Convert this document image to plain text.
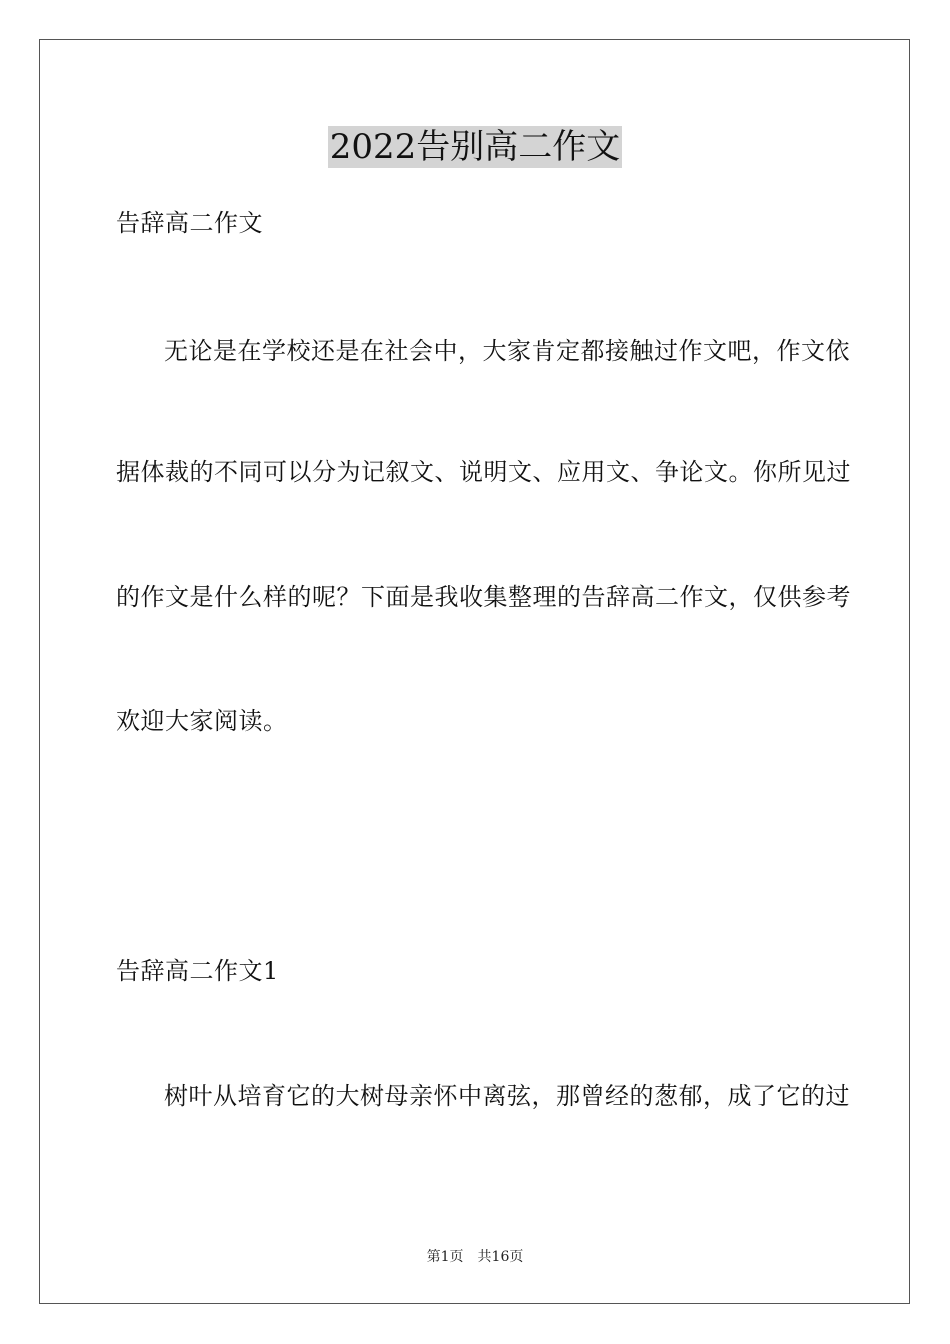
2022告别高二作文
告辞高二作文
无论是在学校还是在社会中，大家肯定都接触过作文吧，作文依
据体裁的不同可以分为记叙文、说明文、应用文、争论文。你所见过
的作文是什么样的呢？下面是我收集整理的告辞高二作文，仅供参考
欢迎大家阅读。
告辞高二作文1
树叶从培育它的大树母亲怀中离弦，那曾经的葱郁，成了它的过
第1页 共16页
